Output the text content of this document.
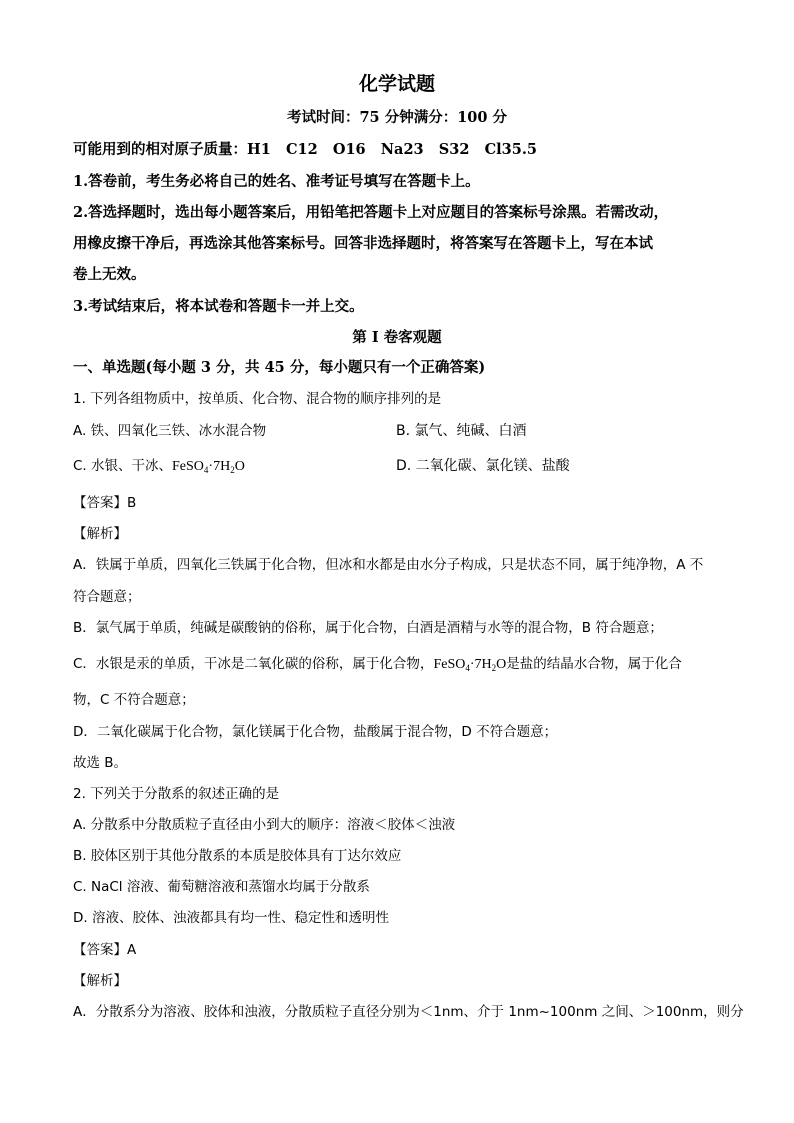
化学试题
考试时间：75 分钟满分：100 分
可能用到的相对原子质量：H1 C12 O16 Na23 S32 Cl35.5
1.答卷前，考生务必将自己的姓名、准考证号填写在答题卡上。
2.答选择题时，选出每小题答案后，用铅笔把答题卡上对应题目的答案标号涂黑。若需改动，
用橡皮擦干净后，再选涂其他答案标号。回答非选择题时，将答案写在答题卡上，写在本试
卷上无效。
3.考试结束后，将本试卷和答题卡一并上交。
第 I 卷客观题
一、单选题(每小题 3 分，共 45 分，每小题只有一个正确答案)
1. 下列各组物质中，按单质、化合物、混合物的顺序排列的是
A. 铁、四氧化三铁、冰水混合物	B. 氯气、纯碱、白酒
C. 水银、干冰、$FeSO_4\cdot 7H_2O$	D. 二氧化碳、氯化镁、盐酸
【答案】B
【解析】
A．铁属于单质，四氧化三铁属于化合物，但冰和水都是由水分子构成，只是状态不同，属于纯净物，A 不
符合题意；
B．氯气属于单质，纯碱是碳酸钠的俗称，属于化合物，白酒是酒精与水等的混合物，B 符合题意；
C．水银是汞的单质，干冰是二氧化碳的俗称，属于化合物，$FeSO_4\cdot 7H_2O$是盐的结晶水合物，属于化合
物，C 不符合题意；
D．二氧化碳属于化合物，氯化镁属于化合物，盐酸属于混合物，D 不符合题意；
故选 B。
2. 下列关于分散系的叙述正确的是
A. 分散系中分散质粒子直径由小到大的顺序：溶液＜胶体＜浊液
B. 胶体区别于其他分散系的本质是胶体具有丁达尔效应
C. NaCl 溶液、葡萄糖溶液和蒸馏水均属于分散系
D. 溶液、胶体、浊液都具有均一性、稳定性和透明性
【答案】A
【解析】
A．分散系分为溶液、胶体和浊液，分散质粒子直径分别为＜1nm、介于 1nm~100nm 之间、＞100nm，则分
